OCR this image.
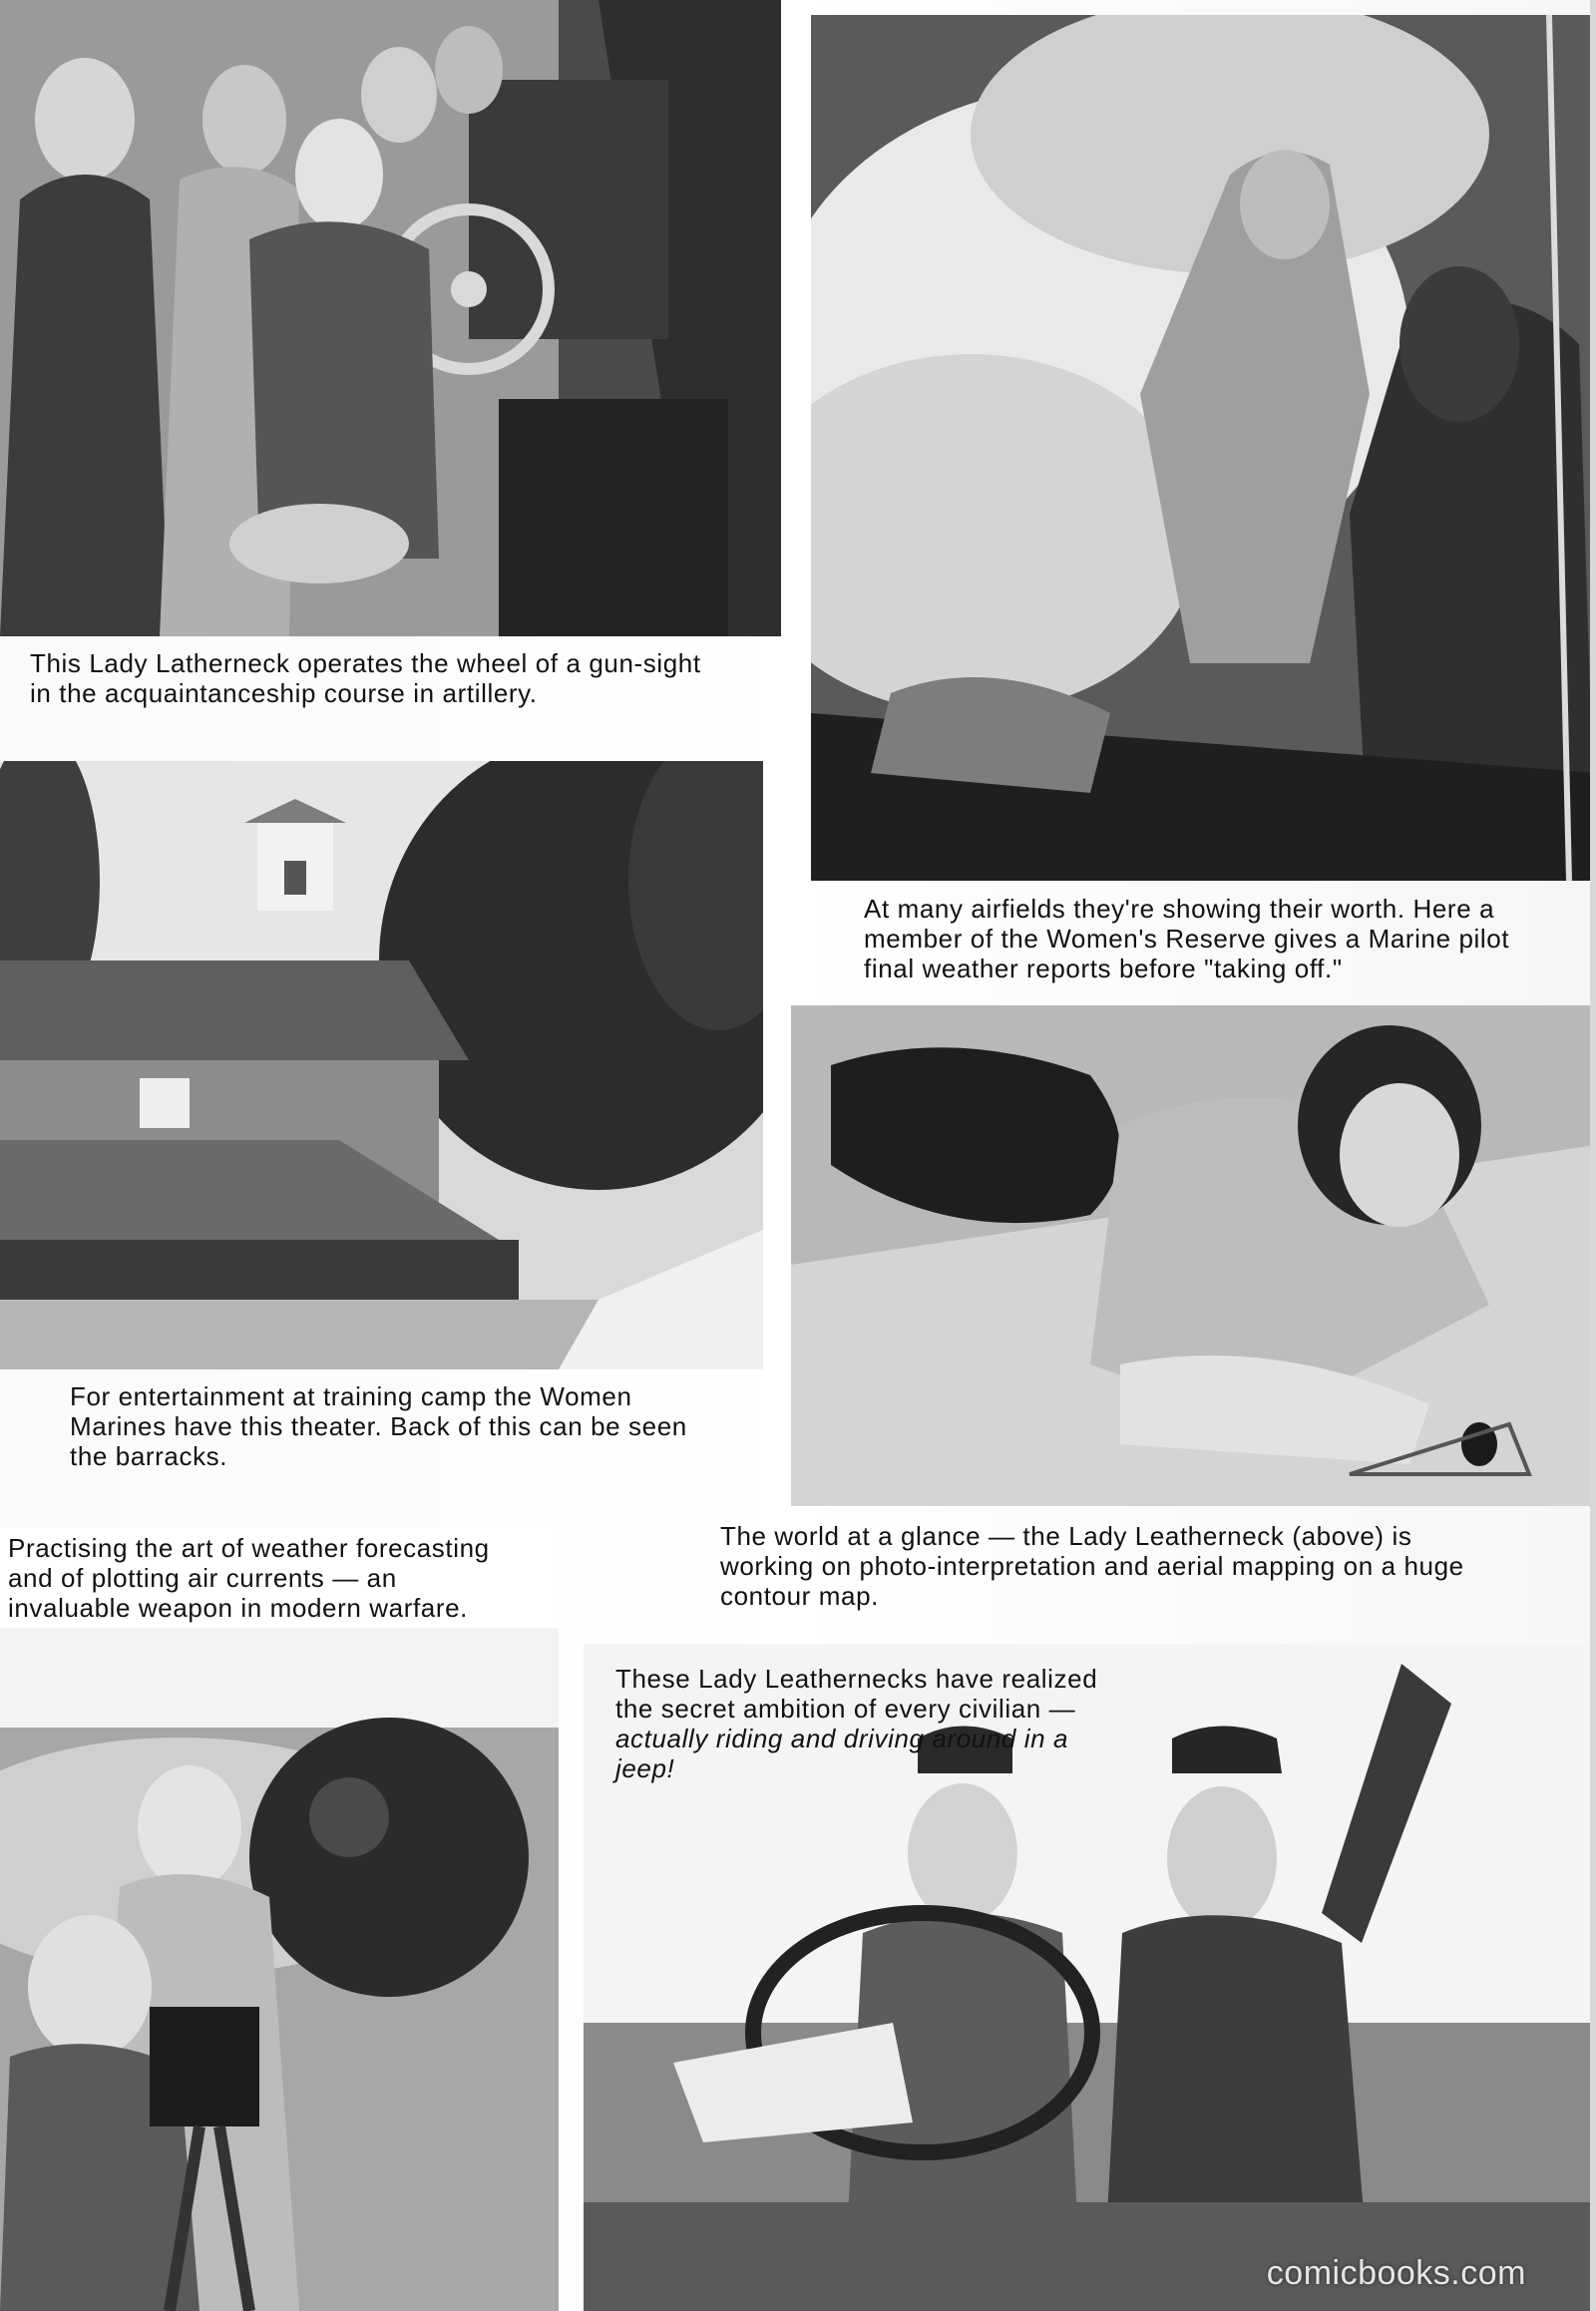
This Lady Latherneck operates the wheel of a gun-sight in the acquaintanceship course in artillery.

At many airfields they're showing their worth. Here a member of the Women's Reserve gives a Marine pilot final weather reports before "taking off."

For entertainment at training camp the Women Marines have this theater. Back of this can be seen the barracks.

The world at a glance — the Lady Leatherneck (above) is working on photo-interpretation and aerial mapping on a huge contour map.

Practising the art of weather forecasting and of plotting air currents — an invaluable weapon in modern warfare.

These Lady Leathernecks have realized the secret ambition of every civilian — actually riding and driving around in a jeep!

comicbooks.com
